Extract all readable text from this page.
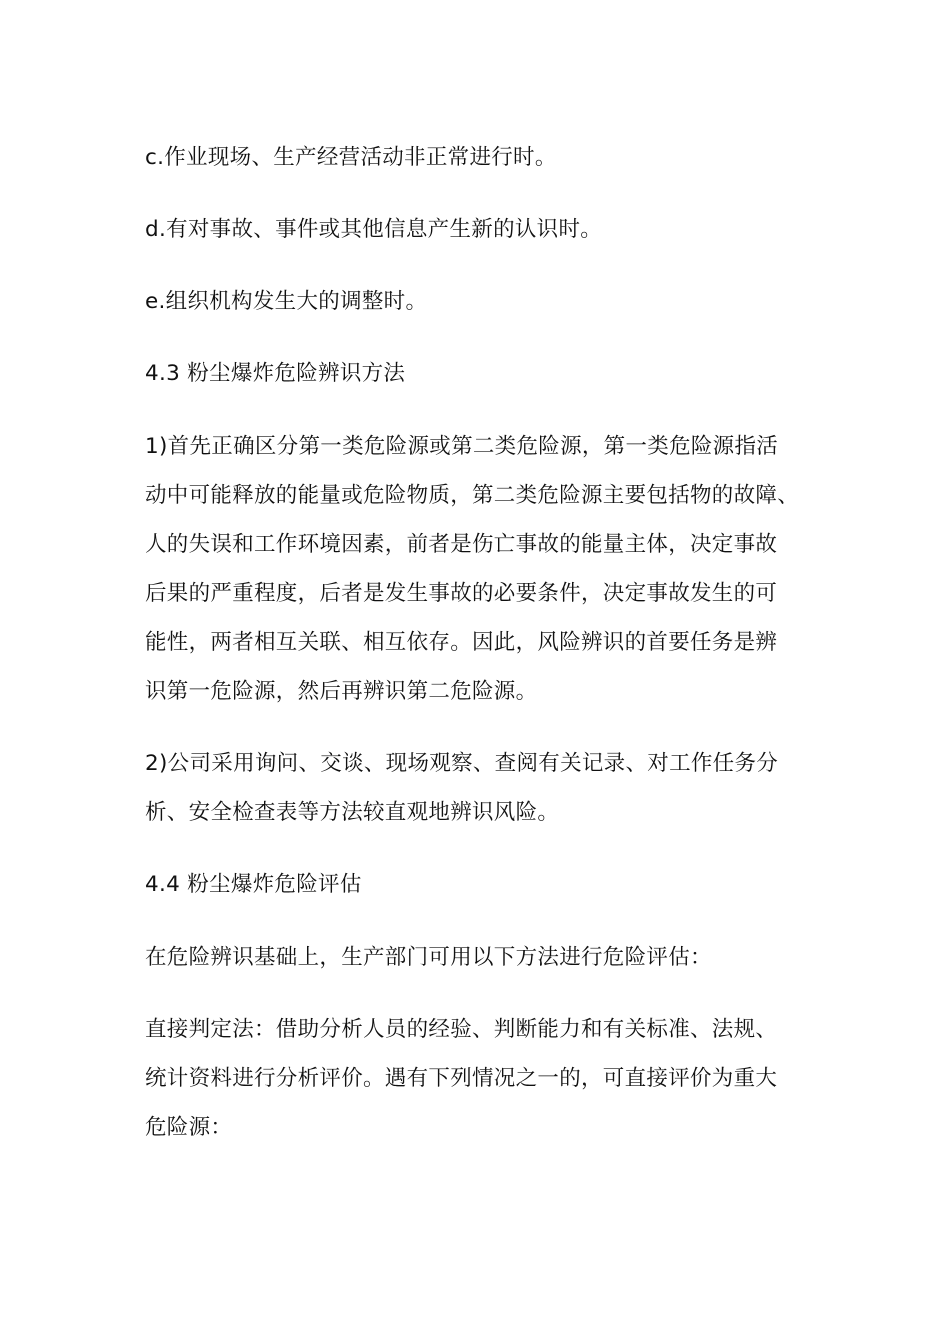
c.作业现场、生产经营活动非正常进行时。

d.有对事故、事件或其他信息产生新的认识时。

e.组织机构发生大的调整时。

4.3 粉尘爆炸危险辨识方法

1)首先正确区分第一类危险源或第二类危险源，第一类危险源指活
动中可能释放的能量或危险物质，第二类危险源主要包括物的故障、
人的失误和工作环境因素，前者是伤亡事故的能量主体，决定事故
后果的严重程度，后者是发生事故的必要条件，决定事故发生的可
能性，两者相互关联、相互依存。因此，风险辨识的首要任务是辨
识第一危险源，然后再辨识第二危险源。

2)公司采用询问、交谈、现场观察、查阅有关记录、对工作任务分
析、安全检查表等方法较直观地辨识风险。

4.4 粉尘爆炸危险评估

在危险辨识基础上，生产部门可用以下方法进行危险评估：

直接判定法：借助分析人员的经验、判断能力和有关标准、法规、
统计资料进行分析评价。遇有下列情况之一的，可直接评价为重大
危险源：
